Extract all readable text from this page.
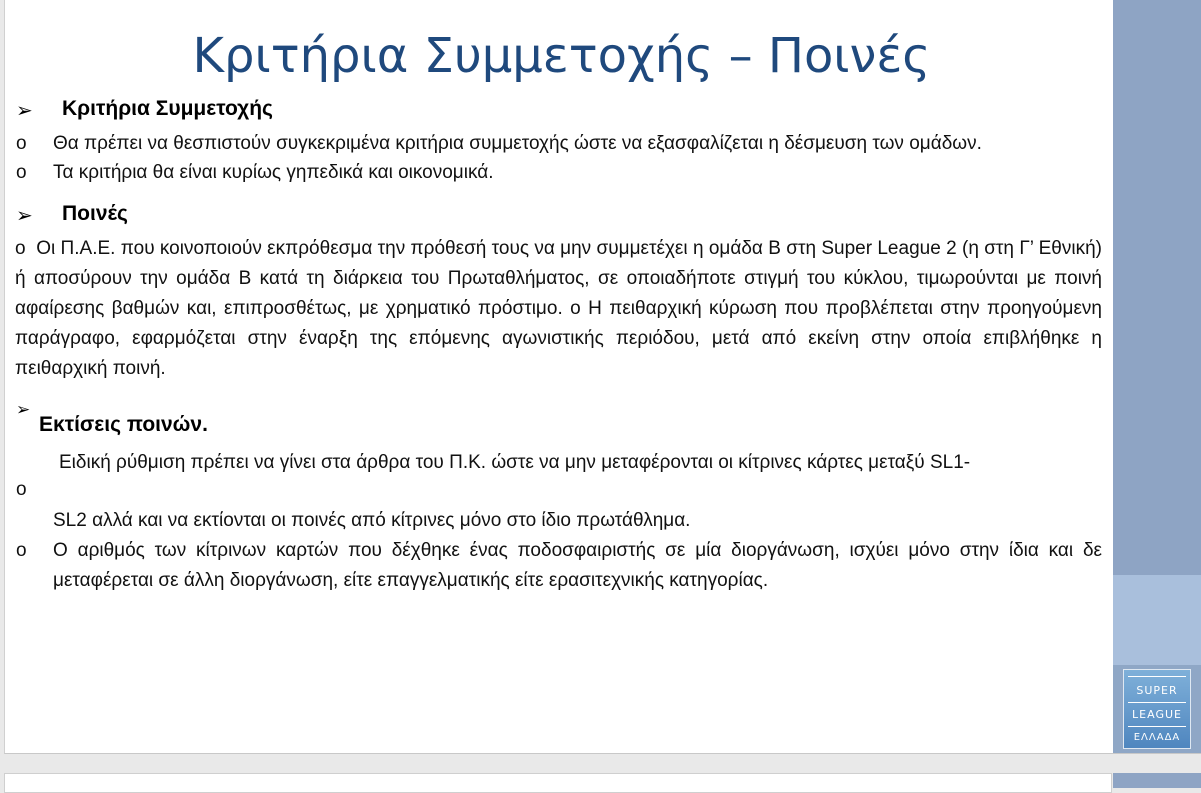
Κριτήρια Συμμετοχής – Ποινές
➢ Κριτήρια Συμμετοχής
o Θα πρέπει να θεσπιστούν συγκεκριμένα κριτήρια συμμετοχής ώστε να εξασφαλίζεται η δέσμευση των ομάδων.
o Τα κριτήρια θα είναι κυρίως γηπεδικά και οικονομικά.
➢ Ποινές
o Οι Π.Α.Ε. που κοινοποιούν εκπρόθεσμα την πρόθεσή τους να μην συμμετέχει η ομάδα Β στη Super League 2 (η στη Γ’ Εθνική) ή αποσύρουν την ομάδα Β κατά τη διάρκεια του Πρωταθλήματος, σε οποιαδήποτε στιγμή του κύκλου, τιμωρούνται με ποινή αφαίρεσης βαθμών και, επιπροσθέτως, με χρηματικό πρόστιμο. o Η πειθαρχική κύρωση που προβλέπεται στην προηγούμενη παράγραφο, εφαρμόζεται στην έναρξη της επόμενης αγωνιστικής περιόδου, μετά από εκείνη στην οποία επιβλήθηκε η πειθαρχική ποινή.
➢
Εκτίσεις ποινών.
Ειδική ρύθμιση πρέπει να γίνει στα άρθρα του Π.Κ. ώστε να μην μεταφέρονται οι κίτρινες κάρτες μεταξύ SL1-
o
SL2 αλλά και να εκτίονται οι ποινές από κίτρινες μόνο στο ίδιο πρωτάθλημα.
o Ο αριθμός των κίτρινων καρτών που δέχθηκε ένας ποδοσφαιριστής σε μία διοργάνωση, ισχύει μόνο στην ίδια και δε μεταφέρεται σε άλλη διοργάνωση, είτε επαγγελματικής είτε ερασιτεχνικής κατηγορίας.
SUPER
LEAGUE
ΕΛΛΑΔΑ
